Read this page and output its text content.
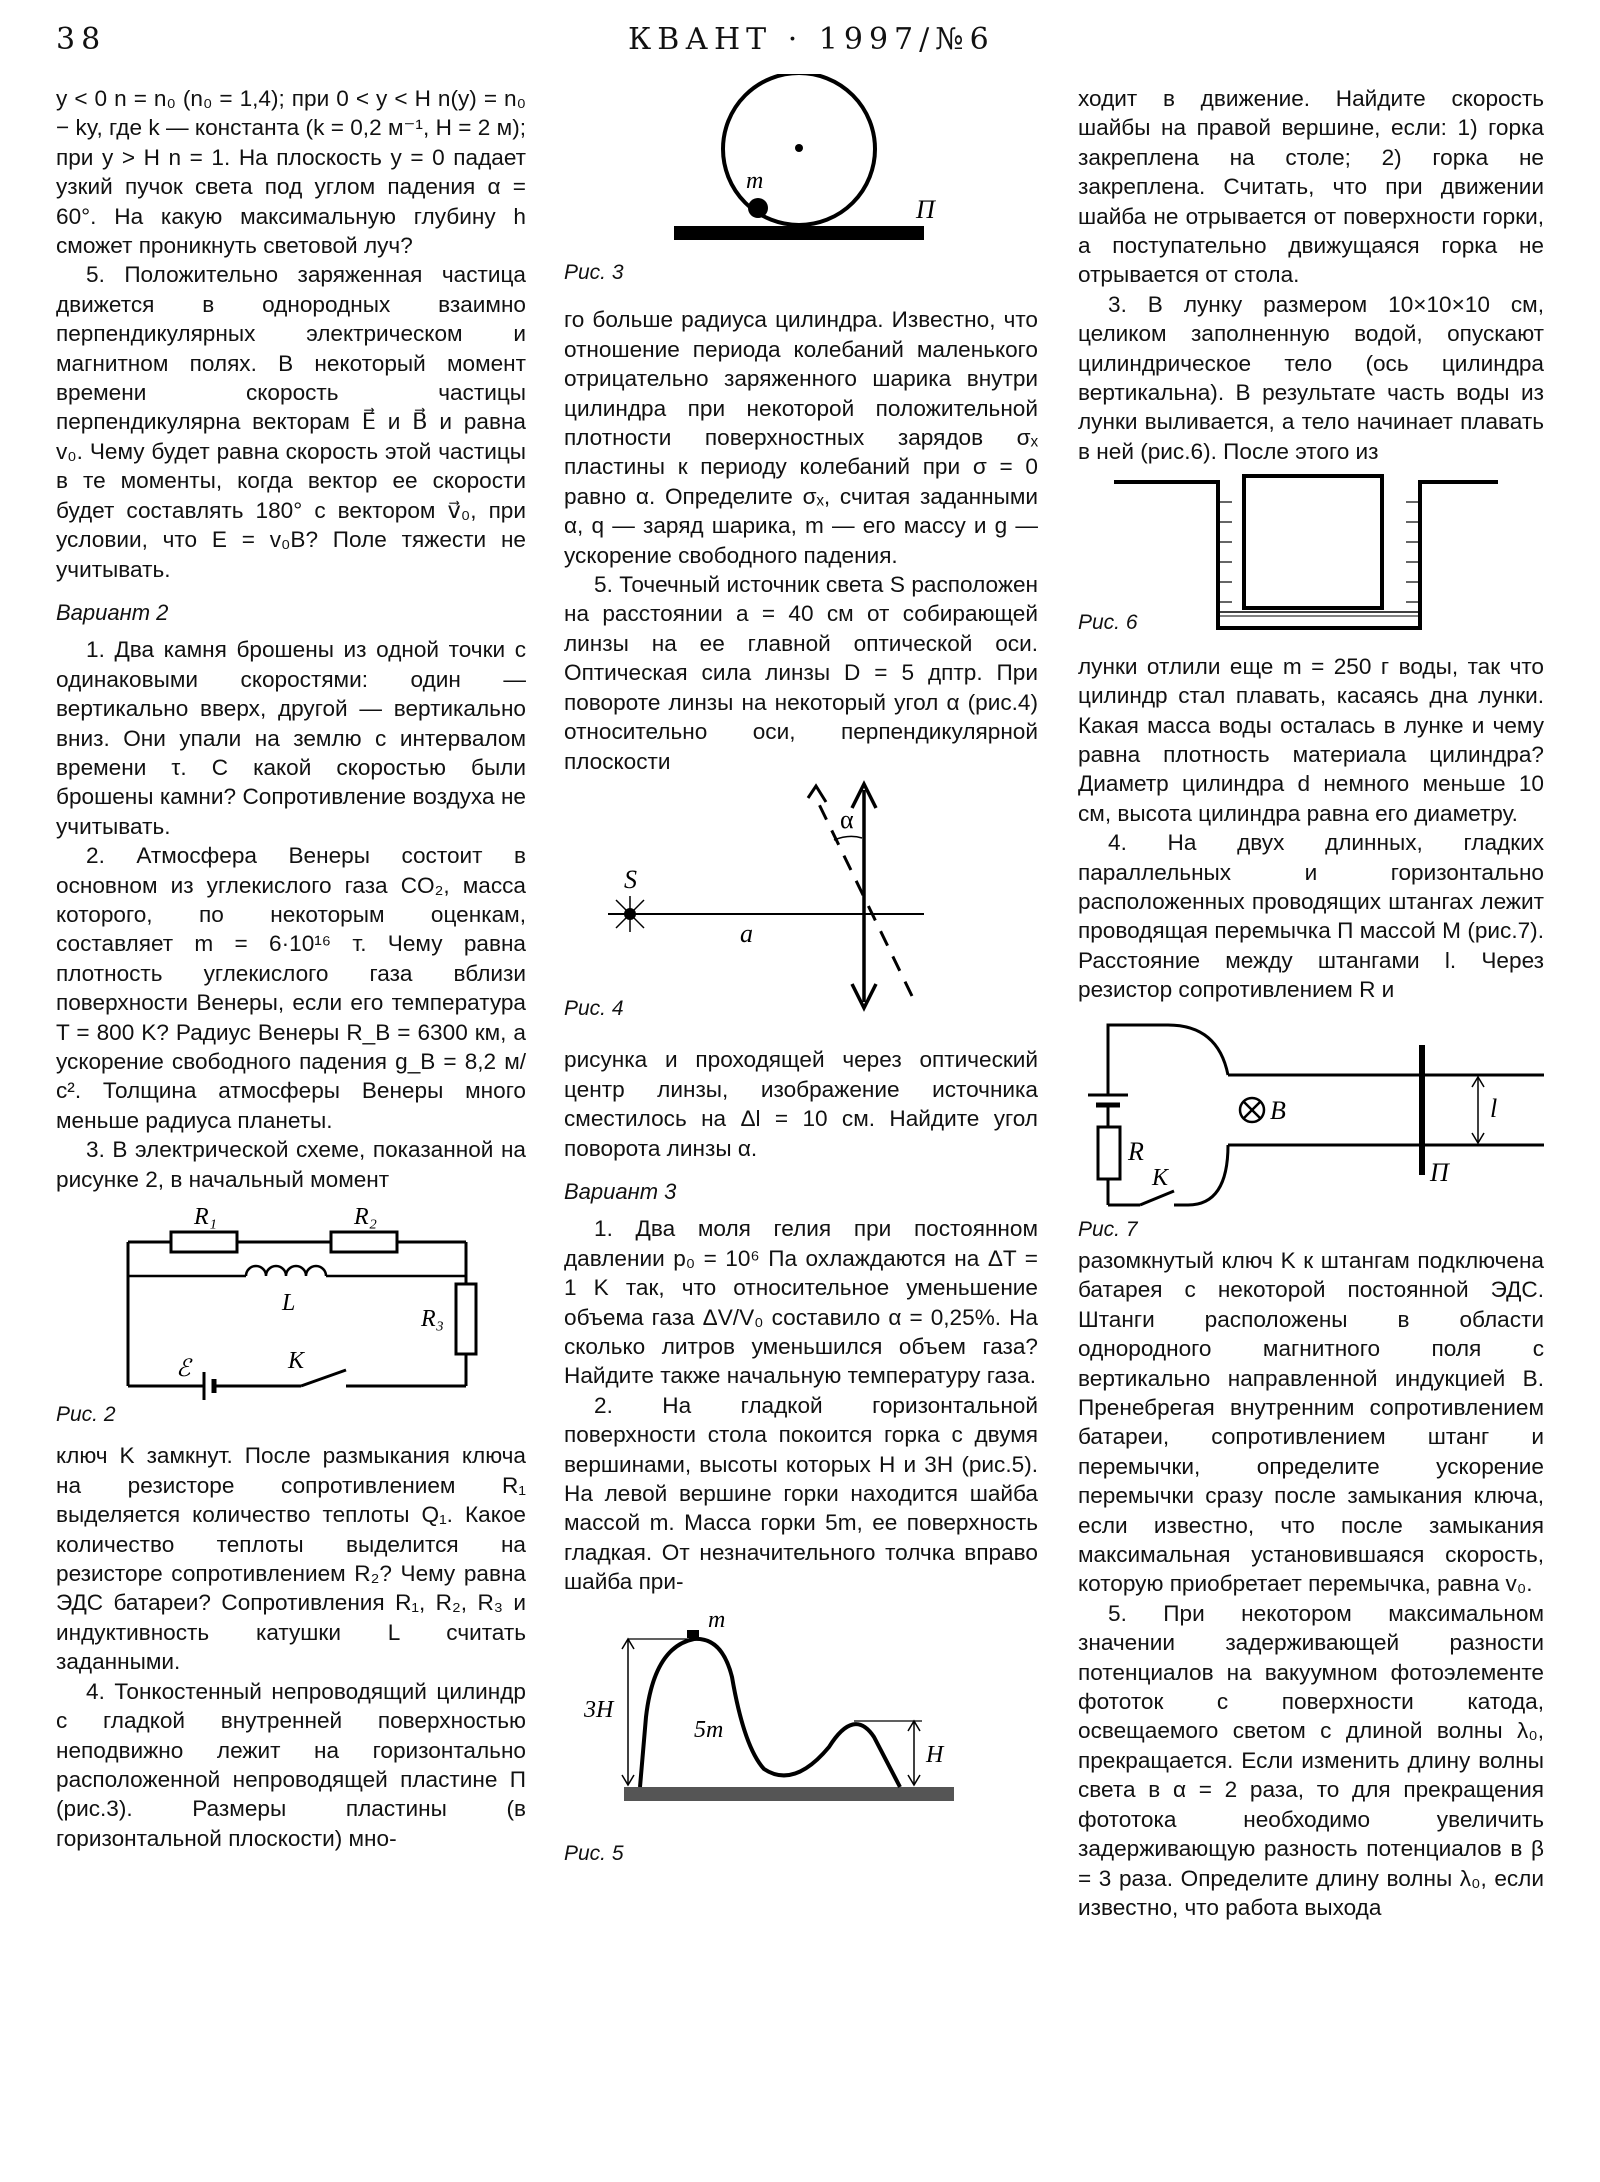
38	КВАНТ · 1997/№6

y < 0 n = n₀ (n₀ = 1,4); при 0 < y < H n(y) = n₀ − ky, где k — константа (k = 0,2 м⁻¹, H = 2 м); при y > H n = 1. На плоскость y = 0 падает узкий пучок света под углом падения α = 60°. На какую максимальную глубину h сможет проникнуть световой луч?

5. Положительно заряженная частица движется в однородных взаимно перпендикулярных электрическом и магнитном полях. В некоторый момент времени скорость частицы перпендикулярна векторам E⃗ и B⃗ и равна v₀. Чему будет равна скорость этой частицы в те моменты, когда вектор ее скорости будет составлять 180° с вектором v⃗₀, при условии, что E = v₀B? Поле тяжести не учитывать.

Вариант 2

1. Два камня брошены из одной точки с одинаковыми скоростями: один — вертикально вверх, другой — вертикально вниз. Они упали на землю с интервалом времени τ. С какой скоростью были брошены камни? Сопротивление воздуха не учитывать.

2. Атмосфера Венеры состоит в основном из углекислого газа CO₂, масса которого, по некоторым оценкам, составляет m = 6·10¹⁶ т. Чему равна плотность углекислого газа вблизи поверхности Венеры, если его температура T = 800 K? Радиус Венеры R_В = 6300 км, а ускорение свободного падения g_В = 8,2 м/с². Толщина атмосферы Венеры много меньше радиуса планеты.

3. В электрической схеме, показанной на рисунке 2, в начальный момент

R₁	R₂
R₃
L
ℰ	K
Рис. 2

ключ K замкнут. После размыкания ключа на резисторе сопротивлением R₁ выделяется количество теплоты Q₁. Какое количество теплоты выделится на резисторе сопротивлением R₂? Чему равна ЭДС батареи? Сопротивления R₁, R₂, R₃ и индуктивность катушки L считать заданными.

4. Тонкостенный непроводящий цилиндр с гладкой внутренней поверхностью неподвижно лежит на горизонтально расположенной непроводящей пластине П (рис.3). Размеры пластины (в горизонтальной плоскости) мно-

m
П
Рис. 3

го больше радиуса цилиндра. Известно, что отношение периода колебаний маленького отрицательно заряженного шарика внутри цилиндра при некоторой положительной плотности поверхностных зарядов σₓ пластины к периоду колебаний при σ = 0 равно α. Определите σₓ, считая заданными α, q — заряд шарика, m — его массу и g — ускорение свободного падения.

5. Точечный источник света S расположен на расстоянии a = 40 см от собирающей линзы на ее главной оптической оси. Оптическая сила линзы D = 5 дптр. При повороте линзы на некоторый угол α (рис.4) относительно оси, перпендикулярной плоскости

S
a
α
Рис. 4

рисунка и проходящей через оптический центр линзы, изображение источника сместилось на Δl = 10 см. Найдите угол поворота линзы α.

Вариант 3

1. Два моля гелия при постоянном давлении p₀ = 10⁶ Па охлаждаются на ΔT = 1 K так, что относительное уменьшение объема газа ΔV/V₀ составило α = 0,25%. На сколько литров уменьшился объем газа? Найдите также начальную температуру газа.

2. На гладкой горизонтальной поверхности стола покоится горка с двумя вершинами, высоты которых H и 3H (рис.5). На левой вершине горки находится шайба массой m. Масса горки 5m, ее поверхность гладкая. От незначительного толчка вправо шайба при-

m
3H
5m
H
Рис. 5

ходит в движение. Найдите скорость шайбы на правой вершине, если: 1) горка закреплена на столе; 2) горка не закреплена. Считать, что при движении шайба не отрывается от поверхности горки, а поступательно движущаяся горка не отрывается от стола.

3. В лунку размером 10×10×10 см, целиком заполненную водой, опускают цилиндрическое тело (ось цилиндра вертикальна). В результате часть воды из лунки выливается, а тело начинает плавать в ней (рис.6). После этого из

Рис. 6

лунки отлили еще m = 250 г воды, так что цилиндр стал плавать, касаясь дна лунки. Какая масса воды осталась в лунке и чему равна плотность материала цилиндра? Диаметр цилиндра d немного меньше 10 см, высота цилиндра равна его диаметру.

4. На двух длинных, гладких параллельных и горизонтально расположенных проводящих штангах лежит проводящая перемычка П массой M (рис.7). Расстояние между штангами l. Через резистор сопротивлением R и

B	l
R
П
K
Рис. 7

разомкнутый ключ K к штангам подключена батарея с некоторой постоянной ЭДС. Штанги расположены в области однородного магнитного поля с вертикально направленной индукцией B. Пренебрегая внутренним сопротивлением батареи, сопротивлением штанг и перемычки, определите ускорение перемычки сразу после замыкания ключа, если известно, что после замыкания максимальная установившаяся скорость, которую приобретает перемычка, равна v₀.

5. При некотором максимальном значении задерживающей разности потенциалов на вакуумном фотоэлементе фототок с поверхности катода, освещаемого светом с длиной волны λ₀, прекращается. Если изменить длину волны света в α = 2 раза, то для прекращения фототока необходимо увеличить задерживающую разность потенциалов в β = 3 раза. Определите длину волны λ₀, если известно, что работа выхода
